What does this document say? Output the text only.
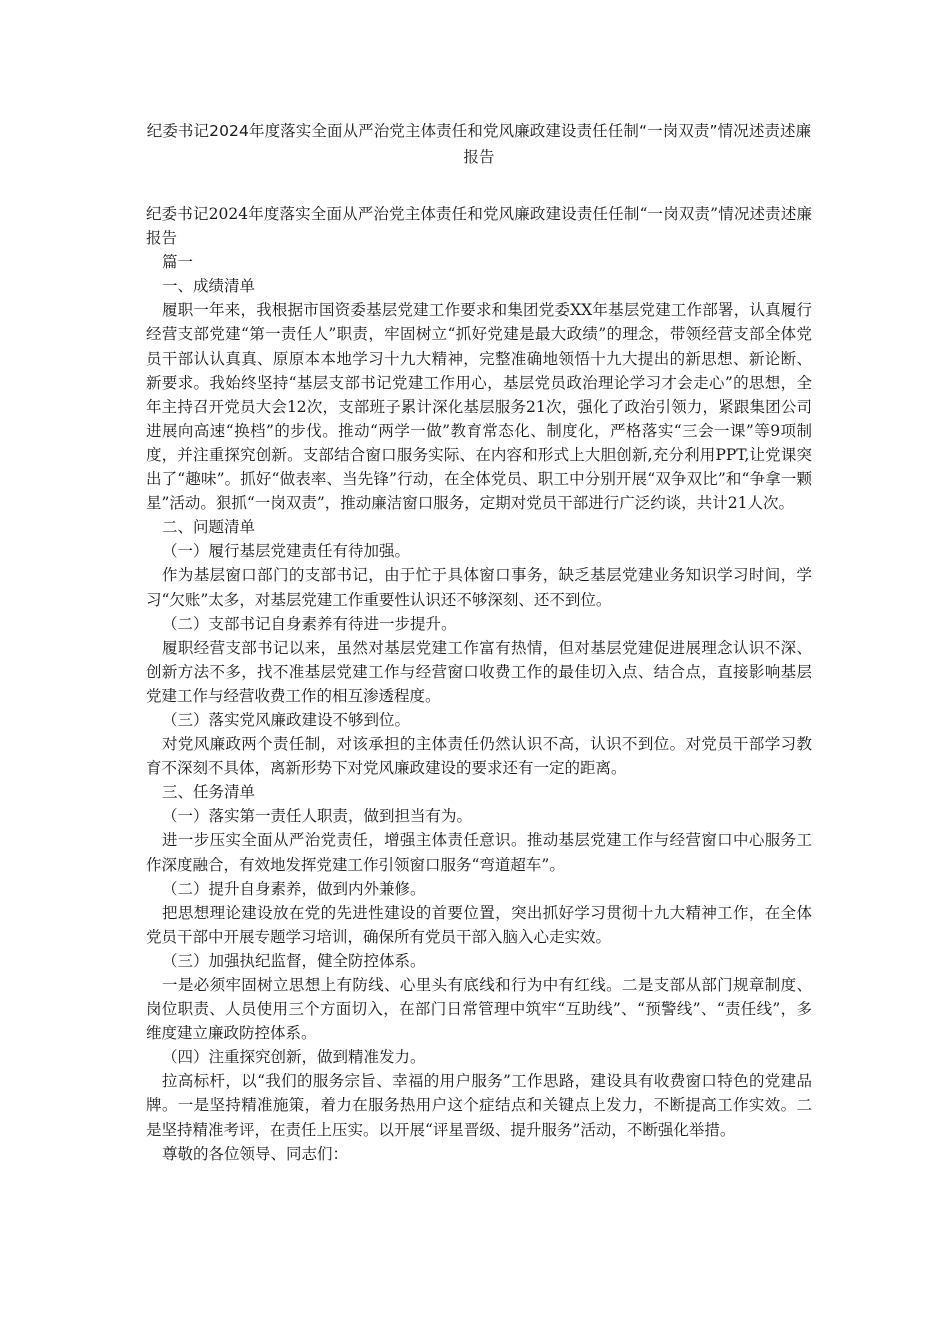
纪委书记2024年度落实全面从严治党主体责任和党风廉政建设责任任制“一岗双责”情况述责述廉报告

纪委书记2024年度落实全面从严治党主体责任和党风廉政建设责任任制“一岗双责”情况述责述廉报告

篇一

一、成绩清单

履职一年来，我根据市国资委基层党建工作要求和集团党委XX年基层党建工作部署，认真履行经营支部党建“第一责任人”职责，牢固树立“抓好党建是最大政绩”的理念，带领经营支部全体党员干部认认真真、原原本本地学习十九大精神，完整准确地领悟十九大提出的新思想、新论断、新要求。我始终坚持“基层支部书记党建工作用心，基层党员政治理论学习才会走心”的思想，全年主持召开党员大会12次，支部班子累计深化基层服务21次，强化了政治引领力，紧跟集团公司进展向高速“换档”的步伐。推动“两学一做”教育常态化、制度化，严格落实“三会一课”等9项制度，并注重探究创新。支部结合窗口服务实际、在内容和形式上大胆创新,充分利用PPT,让党课突出了“趣味”。抓好“做表率、当先锋”行动，在全体党员、职工中分别开展“双争双比”和“争拿一颗星”活动。狠抓“一岗双责”，推动廉洁窗口服务，定期对党员干部进行广泛约谈，共计21人次。

二、问题清单

（一）履行基层党建责任有待加强。

作为基层窗口部门的支部书记，由于忙于具体窗口事务，缺乏基层党建业务知识学习时间，学习“欠账”太多，对基层党建工作重要性认识还不够深刻、还不到位。

（二）支部书记自身素养有待进一步提升。

履职经营支部书记以来，虽然对基层党建工作富有热情，但对基层党建促进展理念认识不深、创新方法不多，找不准基层党建工作与经营窗口收费工作的最佳切入点、结合点，直接影响基层党建工作与经营收费工作的相互渗透程度。

（三）落实党风廉政建设不够到位。

对党风廉政两个责任制，对该承担的主体责任仍然认识不高，认识不到位。对党员干部学习教育不深刻不具体，离新形势下对党风廉政建设的要求还有一定的距离。

三、任务清单

（一）落实第一责任人职责，做到担当有为。

进一步压实全面从严治党责任，增强主体责任意识。推动基层党建工作与经营窗口中心服务工作深度融合，有效地发挥党建工作引领窗口服务“弯道超车”。

（二）提升自身素养，做到内外兼修。

把思想理论建设放在党的先进性建设的首要位置，突出抓好学习贯彻十九大精神工作，在全体党员干部中开展专题学习培训，确保所有党员干部入脑入心走实效。

（三）加强执纪监督，健全防控体系。

一是必须牢固树立思想上有防线、心里头有底线和行为中有红线。二是支部从部门规章制度、岗位职责、人员使用三个方面切入，在部门日常管理中筑牢“互助线”、“预警线”、“责任线”，多维度建立廉政防控体系。

（四）注重探究创新，做到精准发力。

拉高标杆，以“我们的服务宗旨、幸福的用户服务”工作思路，建设具有收费窗口特色的党建品牌。一是坚持精准施策，着力在服务热用户这个症结点和关键点上发力，不断提高工作实效。二是坚持精准考评，在责任上压实。以开展“评星晋级、提升服务”活动，不断强化举措。

尊敬的各位领导、同志们：
